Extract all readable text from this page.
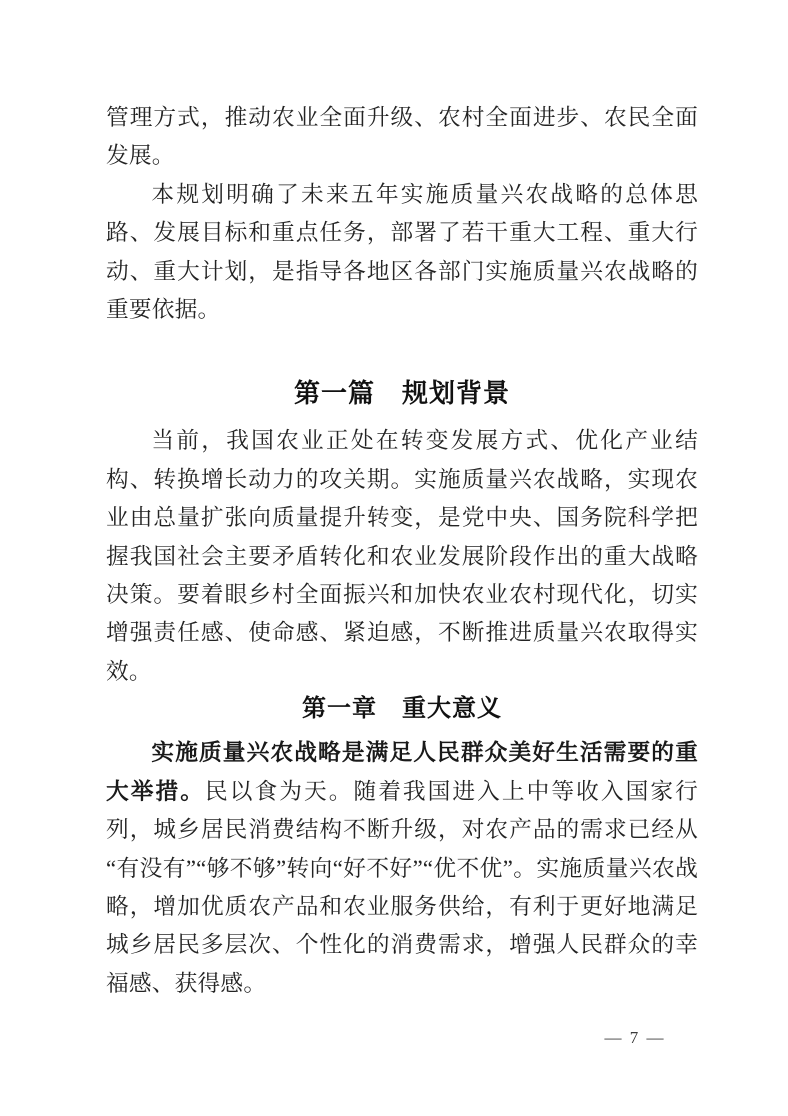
管理方式，推动农业全面升级、农村全面进步、农民全面发展。

本规划明确了未来五年实施质量兴农战略的总体思路、发展目标和重点任务，部署了若干重大工程、重大行动、重大计划，是指导各地区各部门实施质量兴农战略的重要依据。

第一篇　规划背景

当前，我国农业正处在转变发展方式、优化产业结构、转换增长动力的攻关期。实施质量兴农战略，实现农业由总量扩张向质量提升转变，是党中央、国务院科学把握我国社会主要矛盾转化和农业发展阶段作出的重大战略决策。要着眼乡村全面振兴和加快农业农村现代化，切实增强责任感、使命感、紧迫感，不断推进质量兴农取得实效。

第一章　重大意义

实施质量兴农战略是满足人民群众美好生活需要的重大举措。民以食为天。随着我国进入上中等收入国家行列，城乡居民消费结构不断升级，对农产品的需求已经从“有没有”“够不够”转向“好不好”“优不优”。实施质量兴农战略，增加优质农产品和农业服务供给，有利于更好地满足城乡居民多层次、个性化的消费需求，增强人民群众的幸福感、获得感。

— 7 —
